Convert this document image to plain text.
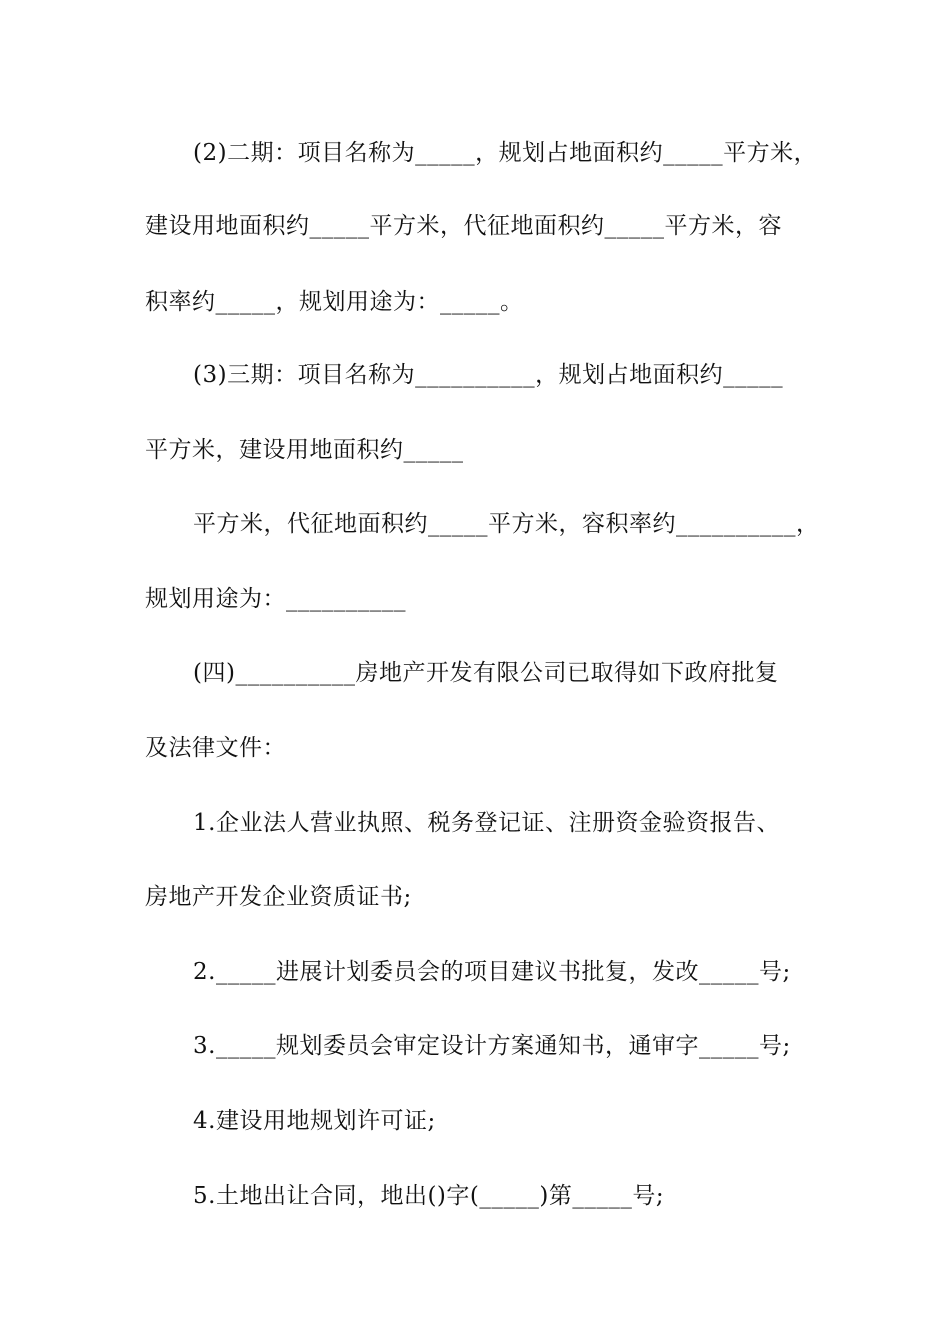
(2)二期：项目名称为_____，规划占地面积约_____平方米，
建设用地面积约_____平方米，代征地面积约_____平方米，容
积率约_____，规划用途为：_____。
(3)三期：项目名称为__________，规划占地面积约_____
平方米，建设用地面积约_____
平方米，代征地面积约_____平方米，容积率约__________，
规划用途为：__________
(四)__________房地产开发有限公司已取得如下政府批复
及法律文件：
1.企业法人营业执照、税务登记证、注册资金验资报告、
房地产开发企业资质证书;
2._____进展计划委员会的项目建议书批复，发改_____号;
3._____规划委员会审定设计方案通知书，通审字_____号;
4.建设用地规划许可证;
5.土地出让合同，地出()字(_____)第_____号;
